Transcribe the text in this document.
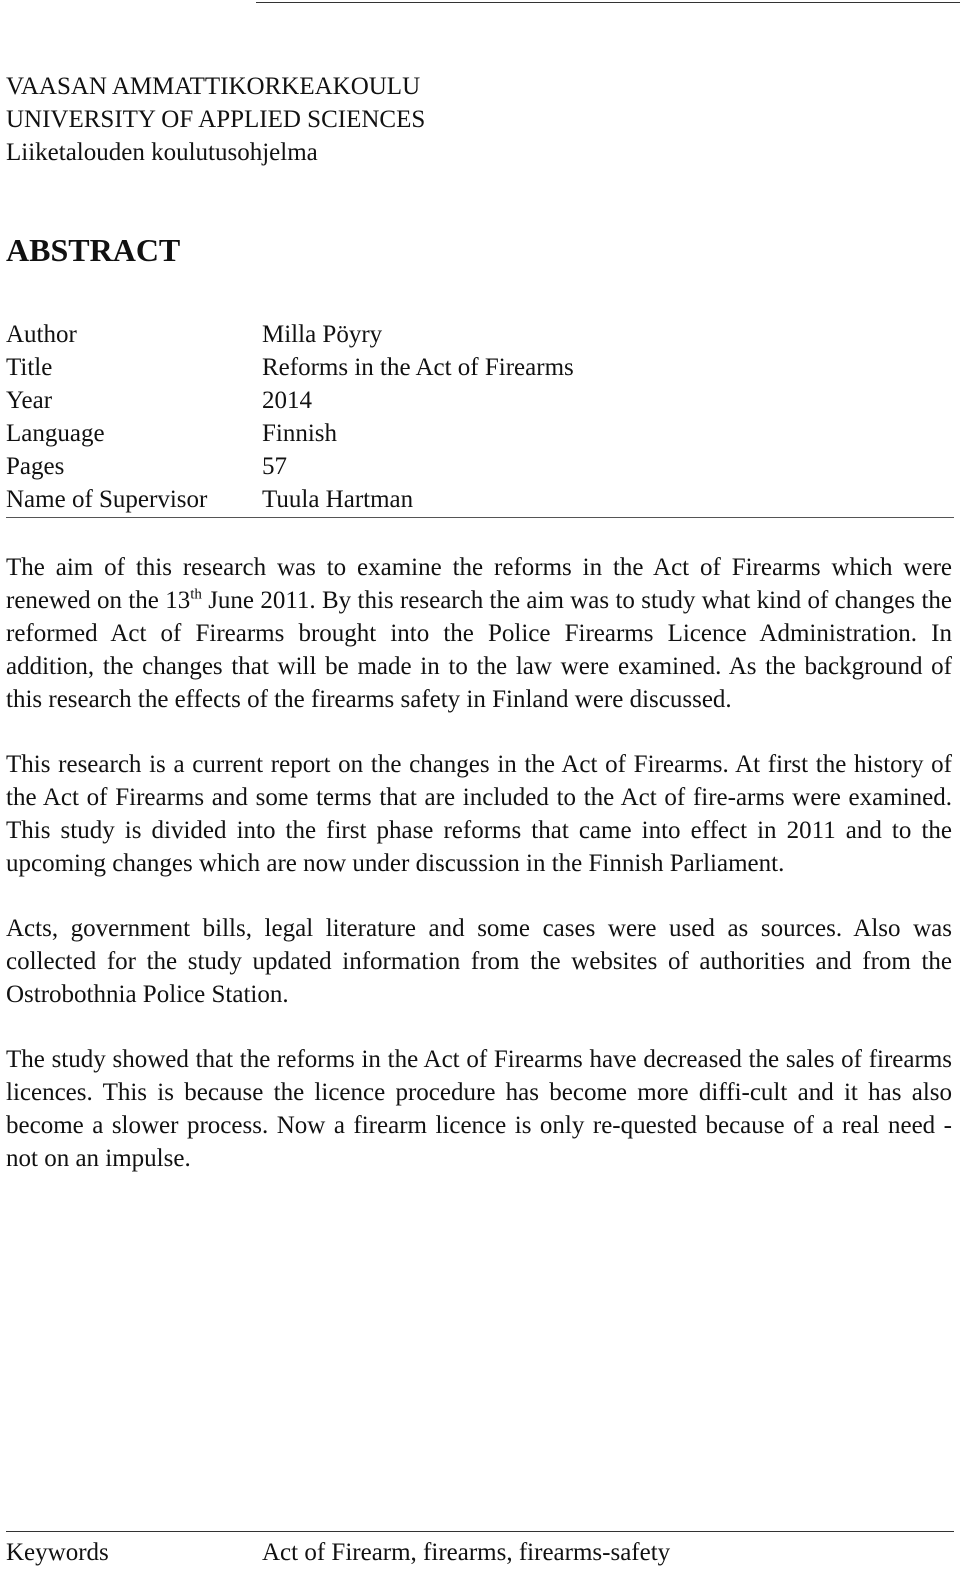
VAASAN AMMATTIKORKEAKOULU
UNIVERSITY OF APPLIED SCIENCES
Liiketalouden koulutusohjelma
ABSTRACT
Author	Milla Pöyry
Title	Reforms in the Act of Firearms
Year	2014
Language	Finnish
Pages	57
Name of Supervisor	Tuula Hartman

The aim of this research was to examine the reforms in the Act of Firearms which were renewed on the 13th June 2011. By this research the aim was to study what kind of changes the reformed Act of Firearms brought into the Police Firearms Licence Administration. In addition, the changes that will be made in to the law were examined. As the background of this research the effects of the firearms safety in Finland were discussed.

This research is a current report on the changes in the Act of Firearms. At first the history of the Act of Firearms and some terms that are included to the Act of fire-arms were examined. This study is divided into the first phase reforms that came into effect in 2011 and to the upcoming changes which are now under discussion in the Finnish Parliament.

Acts, government bills, legal literature and some cases were used as sources. Also was collected for the study updated information from the websites of authorities and from the Ostrobothnia Police Station.

The study showed that the reforms in the Act of Firearms have decreased the sales of firearms licences. This is because the licence procedure has become more diffi-cult and it has also become a slower process. Now a firearm licence is only re-quested because of a real need - not on an impulse.

Keywords	Act of Firearm, firearms, firearms-safety
